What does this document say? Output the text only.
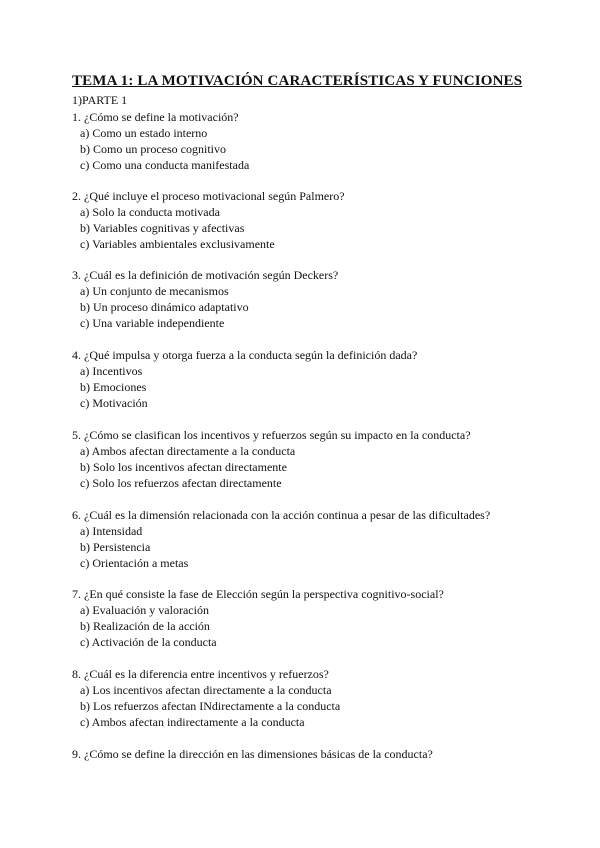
TEMA 1: LA MOTIVACIÓN CARACTERÍSTICAS Y FUNCIONES
1)PARTE 1
1. ¿Cómo se define la motivación?
a) Como un estado interno
b) Como un proceso cognitivo
c) Como una conducta manifestada
2. ¿Qué incluye el proceso motivacional según Palmero?
a) Solo la conducta motivada
b) Variables cognitivas y afectivas
c) Variables ambientales exclusivamente
3. ¿Cuál es la definición de motivación según Deckers?
a) Un conjunto de mecanismos
b) Un proceso dinámico adaptativo
c) Una variable independiente
4. ¿Qué impulsa y otorga fuerza a la conducta según la definición dada?
a) Incentivos
b) Emociones
c) Motivación
5. ¿Cómo se clasifican los incentivos y refuerzos según su impacto en la conducta?
a) Ambos afectan directamente a la conducta
b) Solo los incentivos afectan directamente
c) Solo los refuerzos afectan directamente
6. ¿Cuál es la dimensión relacionada con la acción continua a pesar de las dificultades?
a) Intensidad
b) Persistencia
c) Orientación a metas
7. ¿En qué consiste la fase de Elección según la perspectiva cognitivo-social?
a) Evaluación y valoración
b) Realización de la acción
c) Activación de la conducta
8. ¿Cuál es la diferencia entre incentivos y refuerzos?
a) Los incentivos afectan directamente a la conducta
b) Los refuerzos afectan INdirectamente a la conducta
c) Ambos afectan indirectamente a la conducta
9. ¿Cómo se define la dirección en las dimensiones básicas de la conducta?
